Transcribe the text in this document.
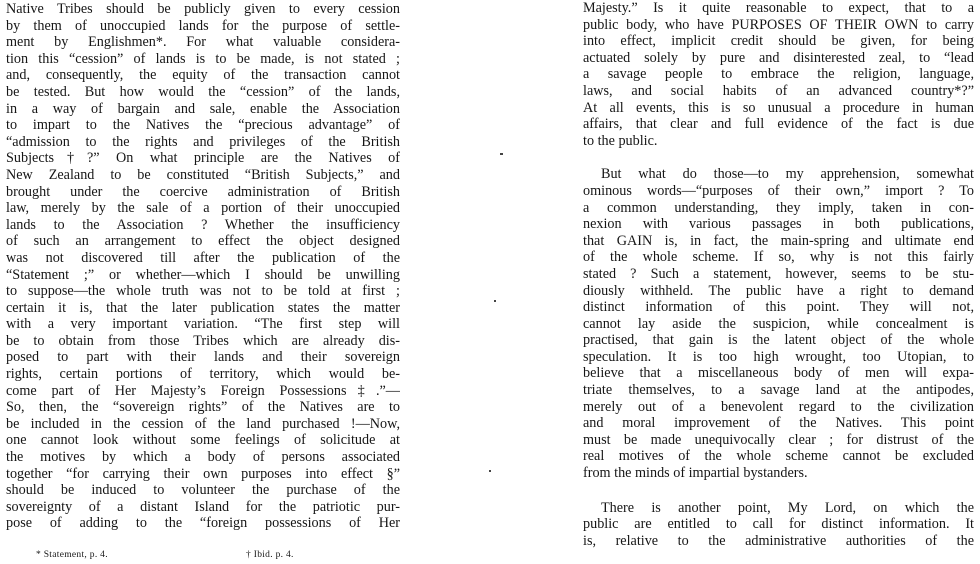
Native Tribes should be publicly given to every cession
by them of unoccupied lands for the purpose of settle-
ment by Englishmen*. For what valuable considera-
tion this “cession” of lands is to be made, is not stated ;
and, consequently, the equity of the transaction cannot
be tested. But how would the “cession” of the lands,
in a way of bargain and sale, enable the Association
to impart to the Natives the “precious advantage” of
“admission to the rights and privileges of the British
Subjects†?” On what principle are the Natives of
New Zealand to be constituted “British Subjects,” and
brought under the coercive administration of British
law, merely by the sale of a portion of their unoccupied
lands to the Association ? Whether the insufficiency
of such an arrangement to effect the object designed
was not discovered till after the publication of the
“Statement ;” or whether—which I should be unwilling
to suppose—the whole truth was not to be told at first ;
certain it is, that the later publication states the matter
with a very important variation. “The first step will
be to obtain from those Tribes which are already dis-
posed to part with their lands and their sovereign
rights, certain portions of territory, which would be-
come part of Her Majesty’s Foreign Possessions‡.”—
So, then, the “sovereign rights” of the Natives are to
be included in the cession of the land purchased !—Now,
one cannot look without some feelings of solicitude at
the motives by which a body of persons associated
together “for carrying their own purposes into effect §”
should be induced to volunteer the purchase of the
sovereignty of a distant Island for the patriotic pur-
pose of adding to the “foreign possessions of Her
* Statement, p. 4.	† Ibid. p. 4.
Majesty.” Is it quite reasonable to expect, that to a
public body, who have PURPOSES OF THEIR OWN to carry
into effect, implicit credit should be given, for being
actuated solely by pure and disinterested zeal, to “lead
a savage people to embrace the religion, language,
laws, and social habits of an advanced country*?”
At all events, this is so unusual a procedure in human
affairs, that clear and full evidence of the fact is due
to the public.
But what do those—to my apprehension, somewhat
ominous words—“purposes of their own,” import ? To
a common understanding, they imply, taken in con-
nexion with various passages in both publications,
that GAIN is, in fact, the main-spring and ultimate end
of the whole scheme. If so, why is not this fairly
stated ? Such a statement, however, seems to be stu-
diously withheld. The public have a right to demand
distinct information of this point. They will not,
cannot lay aside the suspicion, while concealment is
practised, that gain is the latent object of the whole
speculation. It is too high wrought, too Utopian, to
believe that a miscellaneous body of men will expa-
triate themselves, to a savage land at the antipodes,
merely out of a benevolent regard to the civilization
and moral improvement of the Natives. This point
must be made unequivocally clear ; for distrust of the
real motives of the whole scheme cannot be excluded
from the minds of impartial bystanders.
There is another point, My Lord, on which the
public are entitled to call for distinct information. It
is, relative to the administrative authorities of the
